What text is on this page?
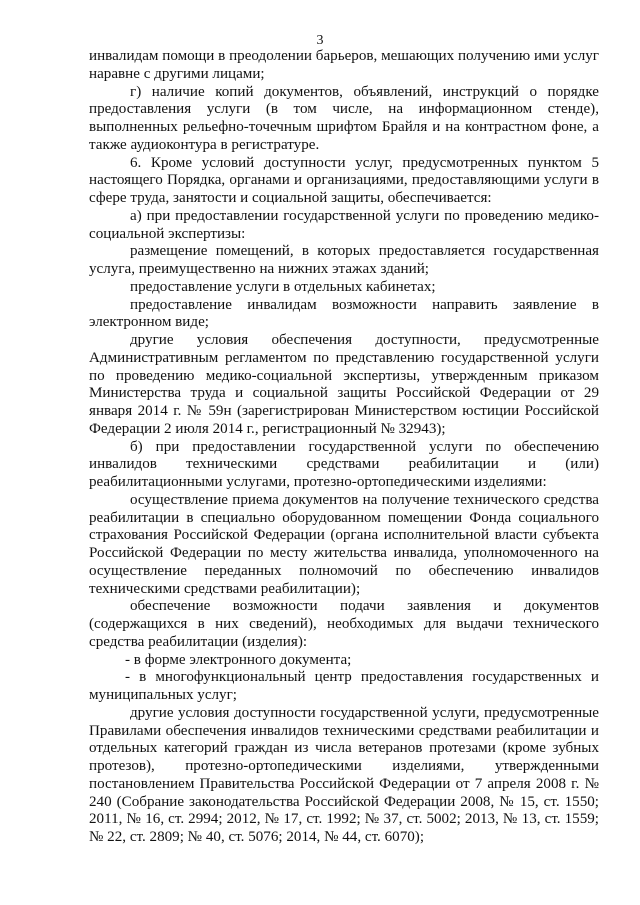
3

инвалидам помощи в преодолении барьеров, мешающих получению ими услуг наравне с другими лицами;

г) наличие копий документов, объявлений, инструкций о порядке предоставления услуги (в том числе, на информационном стенде), выполненных рельефно-точечным шрифтом Брайля и на контрастном фоне, а также аудиоконтура в регистратуре.

6. Кроме условий доступности услуг, предусмотренных пунктом 5 настоящего Порядка, органами и организациями, предоставляющими услуги в сфере труда, занятости и социальной защиты, обеспечивается:

а) при предоставлении государственной услуги по проведению медико-социальной экспертизы:

размещение помещений, в которых предоставляется государственная услуга, преимущественно на нижних этажах зданий;

предоставление услуги в отдельных кабинетах;

предоставление инвалидам возможности направить заявление в электронном виде;

другие условия обеспечения доступности, предусмотренные Административным регламентом по представлению государственной услуги по проведению медико-социальной экспертизы, утвержденным приказом Министерства труда и социальной защиты Российской Федерации от 29 января 2014 г. № 59н (зарегистрирован Министерством юстиции Российской Федерации 2 июля 2014 г., регистрационный № 32943);

б) при предоставлении государственной услуги по обеспечению инвалидов техническими средствами реабилитации и (или) реабилитационными услугами, протезно-ортопедическими изделиями:

осуществление приема документов на получение технического средства реабилитации в специально оборудованном помещении Фонда социального страхования Российской Федерации (органа исполнительной власти субъекта Российской Федерации по месту жительства инвалида, уполномоченного на осуществление переданных полномочий по обеспечению инвалидов техническими средствами реабилитации);

обеспечение возможности подачи заявления и документов (содержащихся в них сведений), необходимых для выдачи технического средства реабилитации (изделия):

- в форме электронного документа;

- в многофункциональный центр предоставления государственных и муниципальных услуг;

другие условия доступности государственной услуги, предусмотренные Правилами обеспечения инвалидов техническими средствами реабилитации и отдельных категорий граждан из числа ветеранов протезами (кроме зубных протезов), протезно-ортопедическими изделиями, утвержденными постановлением Правительства Российской Федерации от 7 апреля 2008 г. № 240 (Собрание законодательства Российской Федерации 2008, № 15, ст. 1550; 2011, № 16, ст. 2994; 2012, № 17, ст. 1992; № 37, ст. 5002; 2013, № 13, ст. 1559; № 22, ст. 2809; № 40, ст. 5076; 2014, № 44, ст. 6070);
